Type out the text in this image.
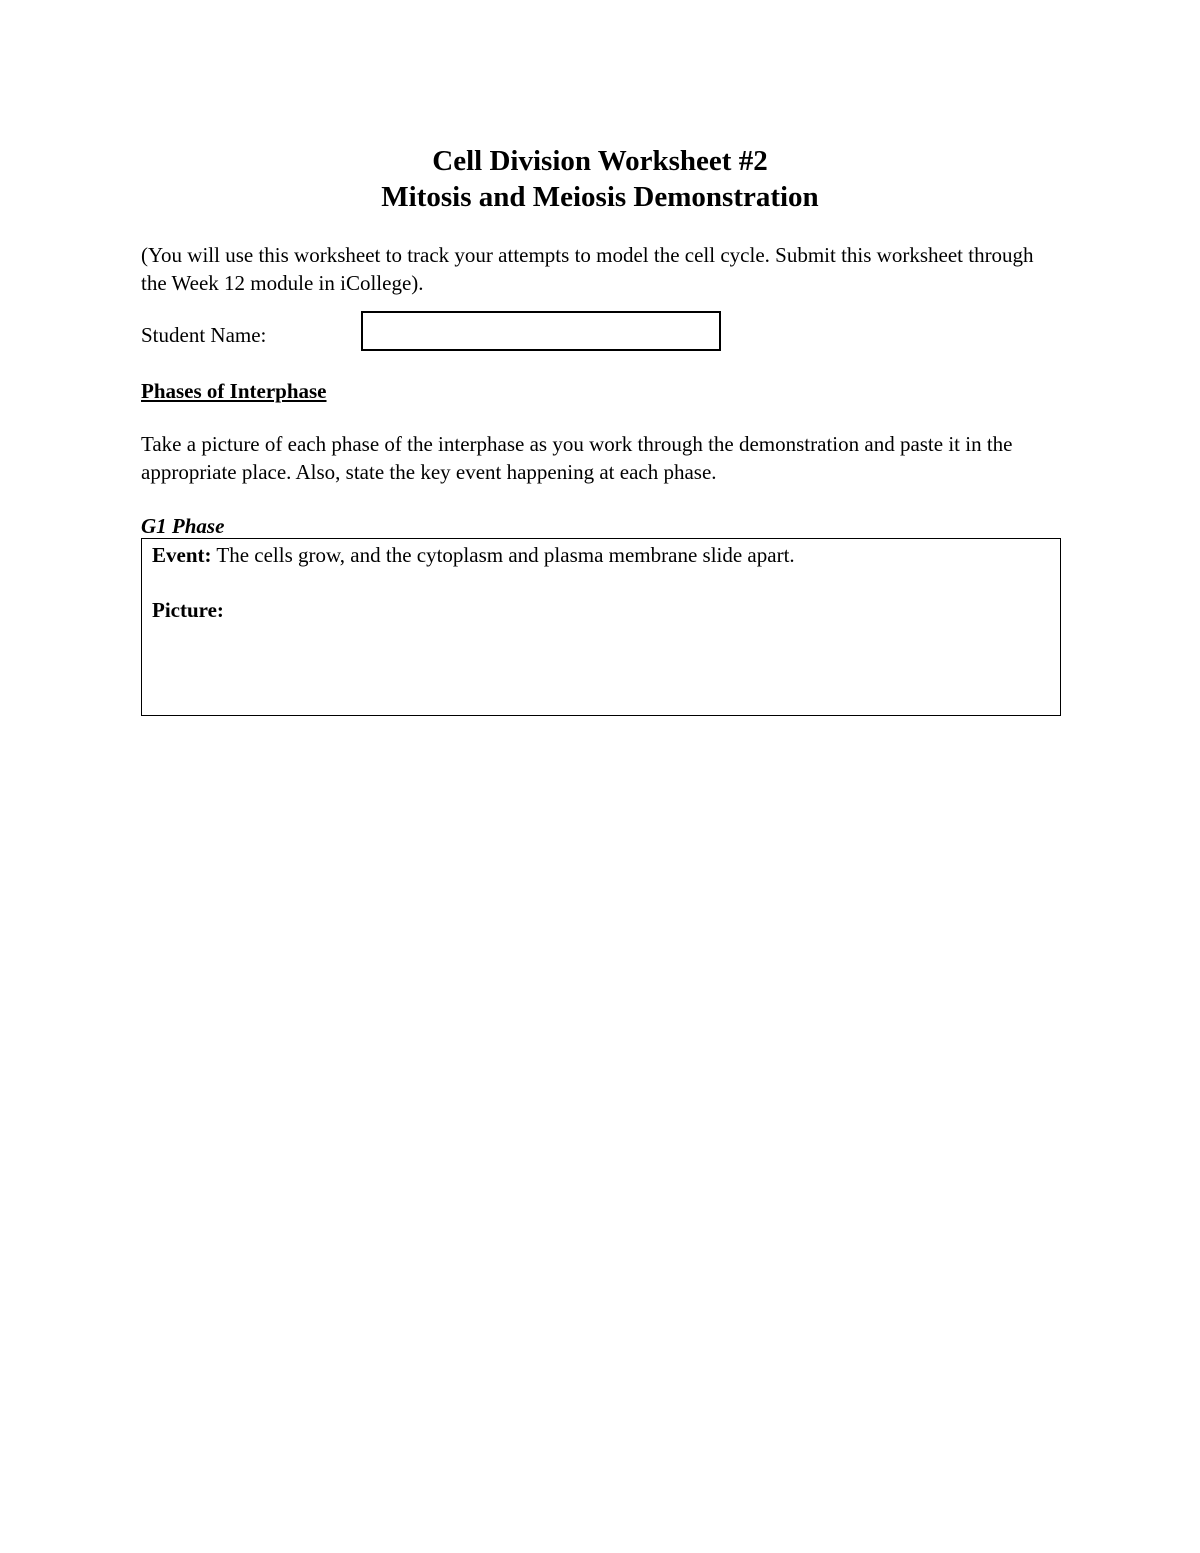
Cell Division Worksheet #2

Mitosis and Meiosis Demonstration

(You will use this worksheet to track your attempts to model the cell cycle. Submit this worksheet through the Week 12 module in iCollege).

Student Name:

Phases of Interphase

Take a picture of each phase of the interphase as you work through the demonstration and paste it in the appropriate place. Also, state the key event happening at each phase.

G1 Phase

Event: The cells grow, and the cytoplasm and plasma membrane slide apart.

Picture:
